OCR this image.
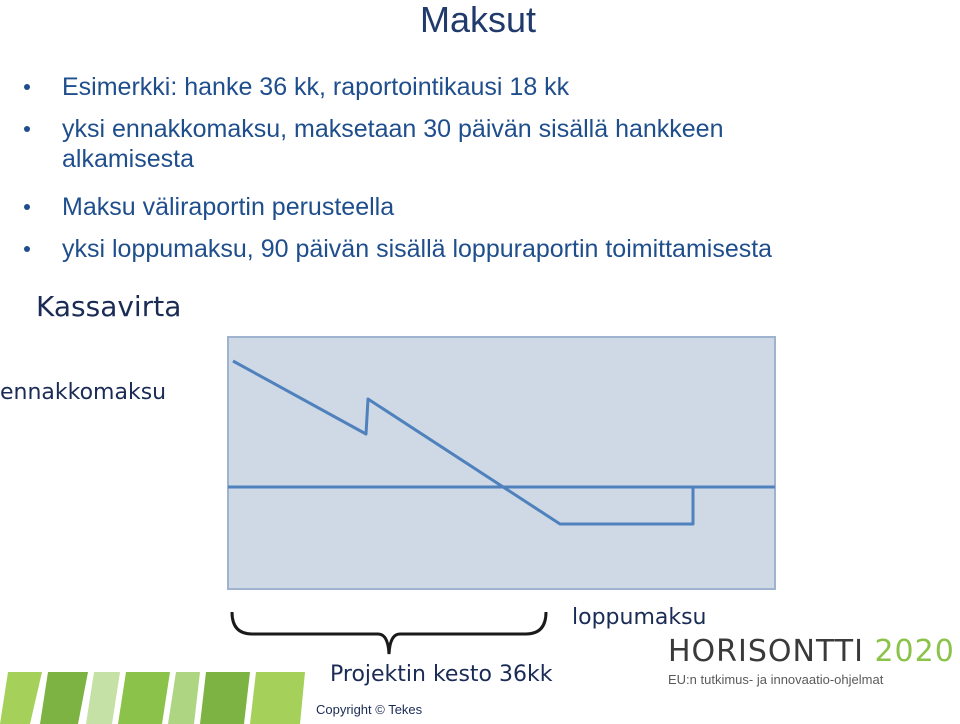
Maksut
Esimerkki: hanke 36 kk, raportointikausi 18 kk
yksi ennakkomaksu, maksetaan 30 päivän sisällä hankkeen
alkamisesta
Maksu väliraportin perusteella
yksi loppumaksu, 90 päivän sisällä loppuraportin toimittamisesta
Kassavirta
ennakkomaksu
loppumaksu
Projektin kesto 36kk
Copyright © Tekes
HORISONTTI 2020
EU:n tutkimus- ja innovaatio-ohjelmat
